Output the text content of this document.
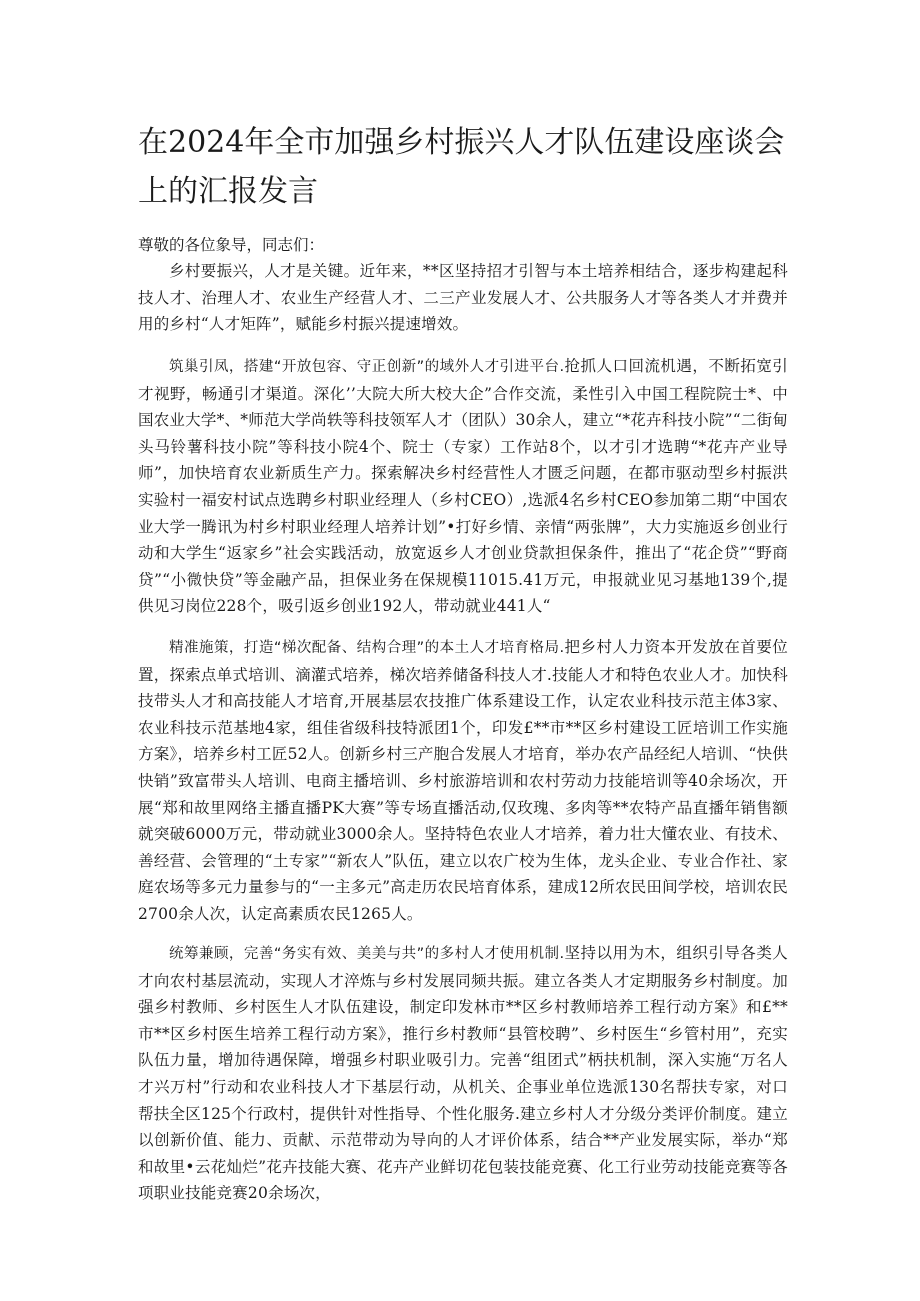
在2024年全市加强乡村振兴人才队伍建设座谈会上的汇报发言

尊敬的各位象导，同志们：

乡村要振兴，人才是关键。近年来，**区坚持招才引智与本土培养相结合，逐步构建起科技人才、治理人才、农业生产经营人才、二三产业发展人才、公共服务人才等各类人才并费并用的乡村“人才矩阵”，赋能乡村振兴提速增效。

筑巢引凤，搭建“开放包容、守正创新”的域外人才引进平台.抢抓人口回流机遇，不断拓宽引才视野，畅通引才渠道。深化’’大院大所大校大企”合作交流，柔性引入中国工程院院士*、中国农业大学*、*师范大学尚轶等科技领军人才（团队）30余人，建立“*花卉科技小院”“二街甸头马铃薯科技小院”等科技小院4个、院士（专家）工作站8个，以才引才选聘“*花卉产业导师”，加快培育农业新质生产力。探索解决乡村经营性人才匮乏问题，在都市驱动型乡村振洪实验村一福安村试点选聘乡村职业经理人（乡村CEO）,选派4名乡村CEO参加第二期“中国农业大学一腾讯为村乡村职业经理人培养计划”•打好乡情、亲情“两张牌”，大力实施返乡创业行动和大学生“返家乡”社会实践活动，放宽返乡人才创业贷款担保条件，推出了“花企贷”“野商贷”“小微快贷”等金融产品，担保业务在保规模11015.41万元，申报就业见习基地139个,提供见习岗位228个，吸引返乡创业192人，带动就业441人“

精准施策，打造“梯次配备、结构合理”的本土人才培育格局.把乡村人力资本开发放在首要位置，探索点单式培训、滴灌式培养，梯次培养储备科技人才.技能人才和特色农业人才。加快科技带头人才和高技能人才培育,开展基层农技推广体系建设工作，认定农业科技示范主体3家、农业科技示范基地4家，组佳省级科技特派团1个，印发£**市**区乡村建设工匠培训工作实施方案》，培养乡村工匠52人。创新乡村三产胞合发展人才培育，举办农产品经纪人培训、“快供快销”致富带头人培训、电商主播培训、乡村旅游培训和农村劳动力技能培训等40余场次，开展“郑和故里网络主播直播PK大赛”等专场直播活动,仅玫瑰、多肉等**农特产品直播年销售额就突破6000万元，带动就业3000余人。坚持特色农业人才培养，着力壮大懂农业、有技术、善经营、会管理的“土专家”“新农人”队伍，建立以农广校为生体，龙头企业、专业合作社、家庭农场等多元力量参与的“一主多元”高走历农民培育体系，建成12所农民田间学校，培训农民2700余人次，认定高素质农民1265人。

统筹兼顾，完善“务实有效、美美与共”的多村人才使用机制.坚持以用为木，组织引导各类人才向农村基层流动，实现人才淬炼与乡村发展同频共振。建立各类人才定期服务乡村制度。加强乡村教师、乡村医生人才队伍建设，制定印发林市**区乡村教师培养工程行动方案》和£**市**区乡村医生培养工程行动方案》，推行乡村教师“县管校聘”、乡村医生“乡管村用”，充实队伍力量，增加待遇保障，增强乡村职业吸引力。完善“组团式”柄扶机制，深入实施“万名人才兴万村”行动和农业科技人才下基层行动，从机关、企事业单位选派130名帮扶专家，对口帮扶全区125个行政村，提供针对性指导、个性化服务.建立乡村人才分级分类评价制度。建立以创新价值、能力、贡献、示范带动为导向的人才评价体系，结合**产业发展实际，举办“郑和故里•云花灿烂”花卉技能大赛、花卉产业鲜切花包装技能竞赛、化工行业劳动技能竞赛等各项职业技能竞赛20余场次，
